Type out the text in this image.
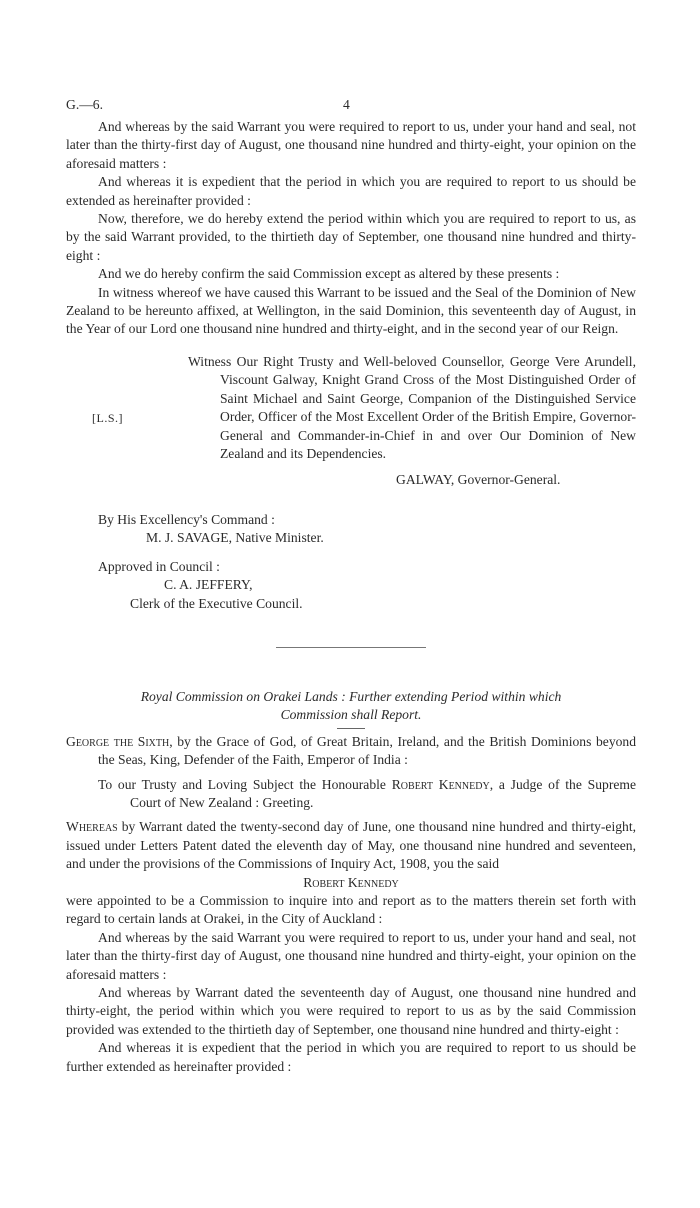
G.—6.	4

And whereas by the said Warrant you were required to report to us, under your hand and seal, not later than the thirty-first day of August, one thousand nine hundred and thirty-eight, your opinion on the aforesaid matters :

And whereas it is expedient that the period in which you are required to report to us should be extended as hereinafter provided :

Now, therefore, we do hereby extend the period within which you are required to report to us, as by the said Warrant provided, to the thirtieth day of September, one thousand nine hundred and thirty-eight :

And we do hereby confirm the said Commission except as altered by these presents :

In witness whereof we have caused this Warrant to be issued and the Seal of the Dominion of New Zealand to be hereunto affixed, at Wellington, in the said Dominion, this seventeenth day of August, in the Year of our Lord one thousand nine hundred and thirty-eight, and in the second year of our Reign.

[L.S.]

Witness Our Right Trusty and Well-beloved Counsellor, George Vere Arundell, Viscount Galway, Knight Grand Cross of the Most Distinguished Order of Saint Michael and Saint George, Companion of the Distinguished Service Order, Officer of the Most Excellent Order of the British Empire, Governor-General and Commander-in-Chief in and over Our Dominion of New Zealand and its Dependencies.

GALWAY, Governor-General.
By His Excellency's Command :
M. J. SAVAGE, Native Minister.
Approved in Council :
C. A. JEFFERY,
Clerk of the Executive Council.

Royal Commission on Orakei Lands : Further extending Period within which Commission shall Report.

George the Sixth, by the Grace of God, of Great Britain, Ireland, and the British Dominions beyond the Seas, King, Defender of the Faith, Emperor of India :

To our Trusty and Loving Subject the Honourable Robert Kennedy, a Judge of the Supreme Court of New Zealand : Greeting.

Whereas by Warrant dated the twenty-second day of June, one thousand nine hundred and thirty-eight, issued under Letters Patent dated the eleventh day of May, one thousand nine hundred and seventeen, and under the provisions of the Commissions of Inquiry Act, 1908, you the said

Robert Kennedy

were appointed to be a Commission to inquire into and report as to the matters therein set forth with regard to certain lands at Orakei, in the City of Auckland :

And whereas by the said Warrant you were required to report to us, under your hand and seal, not later than the thirty-first day of August, one thousand nine hundred and thirty-eight, your opinion on the aforesaid matters :

And whereas by Warrant dated the seventeenth day of August, one thousand nine hundred and thirty-eight, the period within which you were required to report to us as by the said Commission provided was extended to the thirtieth day of September, one thousand nine hundred and thirty-eight :

And whereas it is expedient that the period in which you are required to report to us should be further extended as hereinafter provided :
